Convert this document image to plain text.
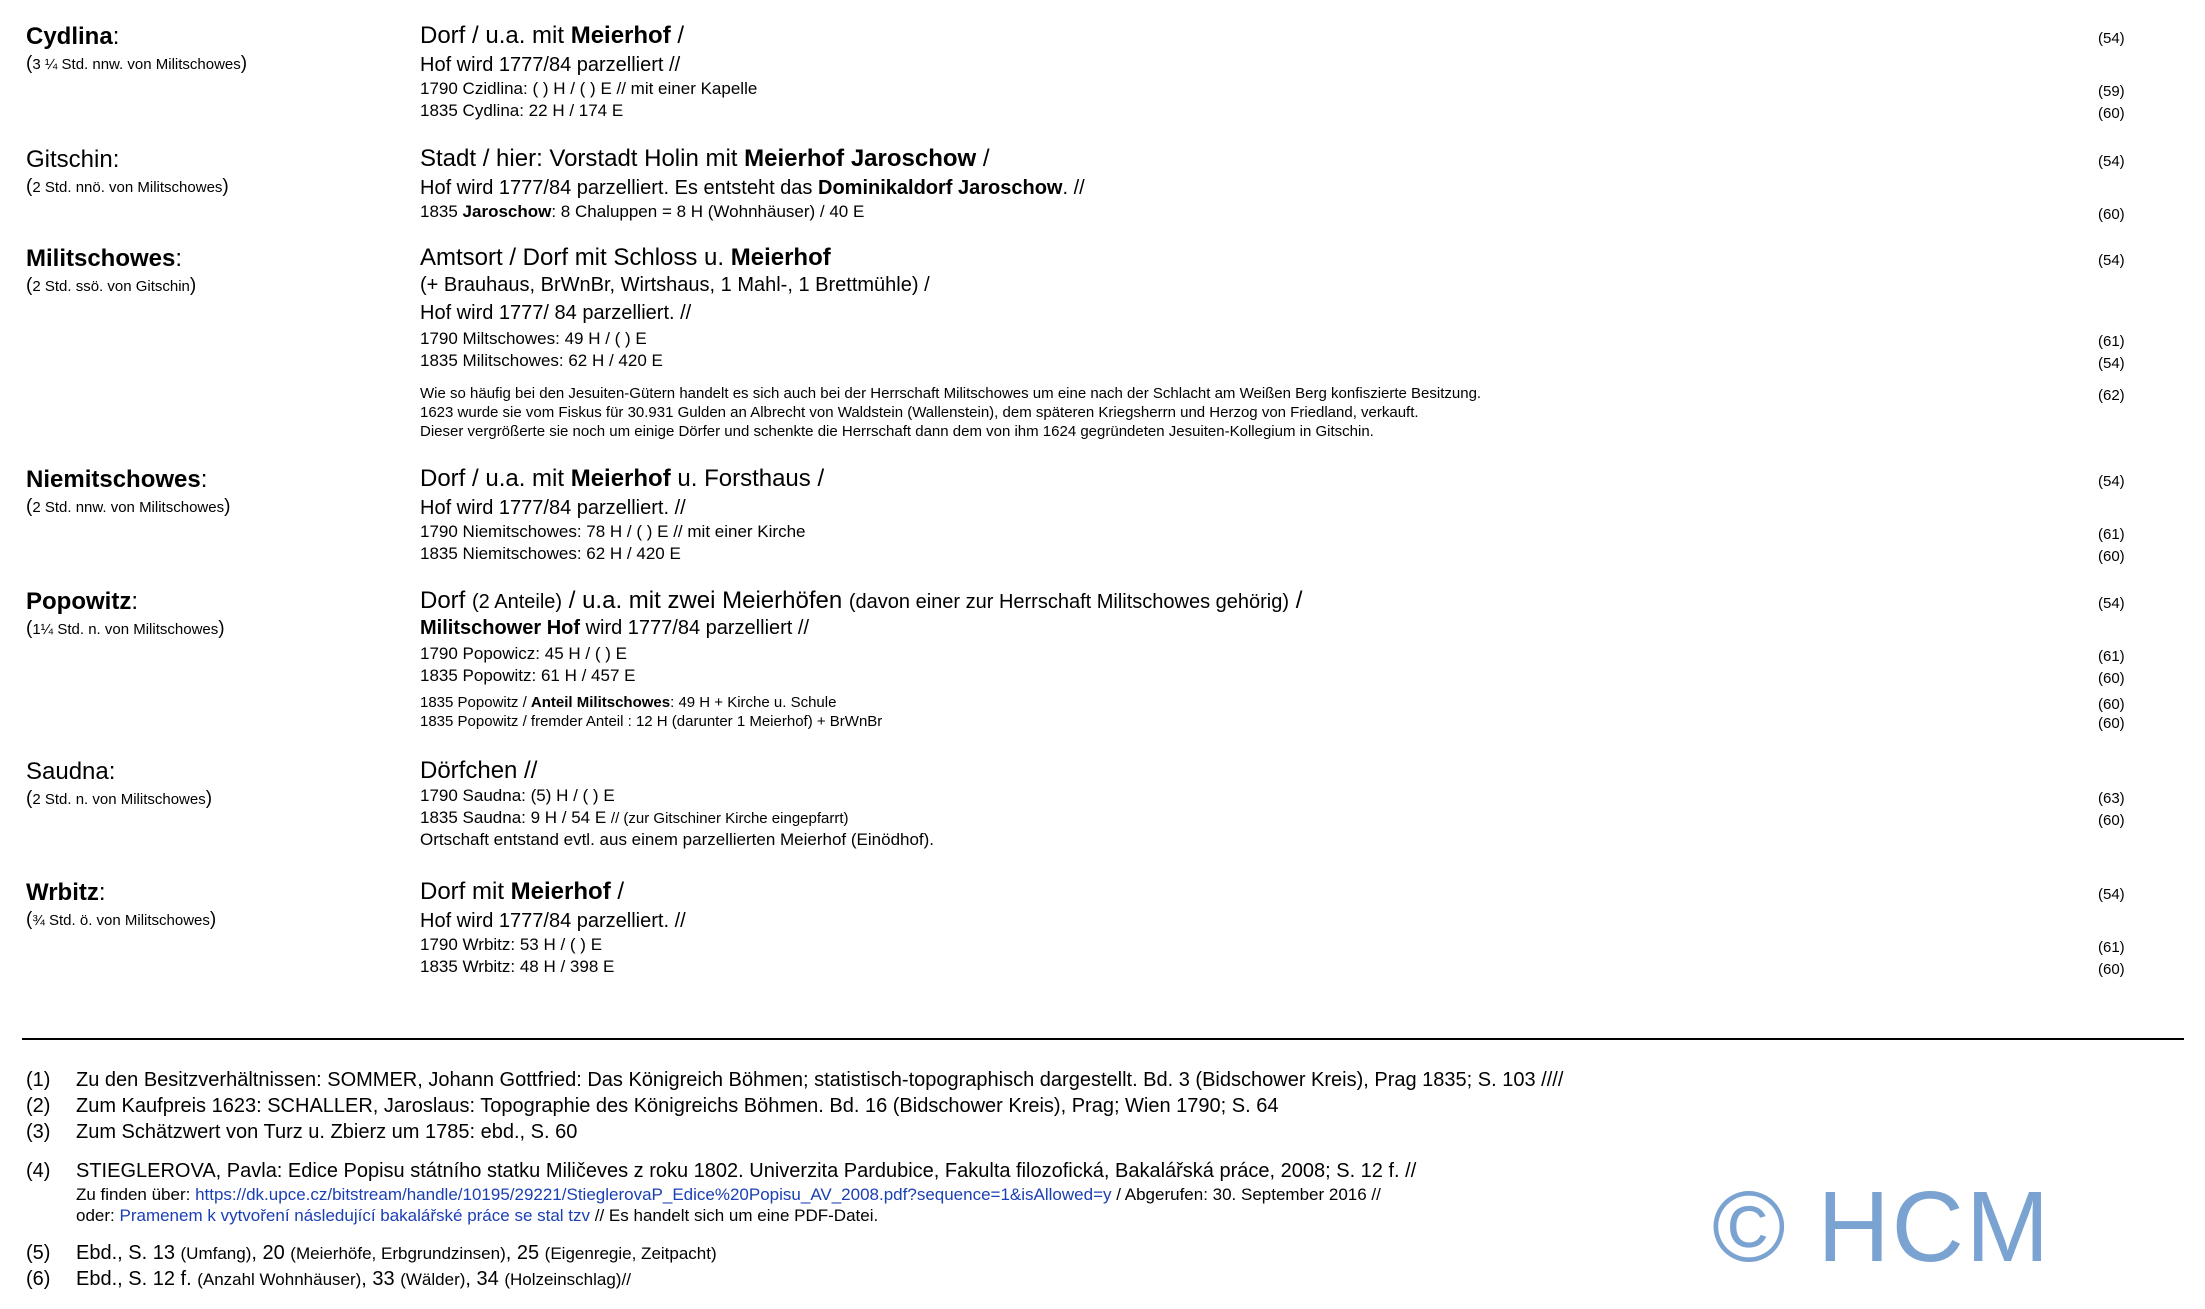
Cydlina:
(3 ¼ Std. nnw. von Militschowes)
Dorf / u.a. mit Meierhof /	(54)
Hof wird 1777/84 parzelliert //
1790 Czidlina: ( ) H / ( ) E // mit einer Kapelle	(59)
1835 Cydlina: 22 H / 174 E	(60)
Gitschin:
(2 Std. nnö. von Militschowes)
Stadt / hier: Vorstadt Holin mit Meierhof Jaroschow /	(54)
Hof wird 1777/84 parzelliert. Es entsteht das Dominikaldorf Jaroschow. //
1835 Jaroschow: 8 Chaluppen = 8 H (Wohnhäuser) / 40 E	(60)
Militschowes:
(2 Std. ssö. von Gitschin)
Amtsort / Dorf mit Schloss u. Meierhof	(54)
(+ Brauhaus, BrWnBr, Wirtshaus, 1 Mahl-, 1 Brettmühle) /
Hof wird 1777/ 84 parzelliert. //
1790 Miltschowes: 49 H / ( ) E	(61)
1835 Militschowes: 62 H / 420 E	(54)
Wie so häufig bei den Jesuiten-Gütern handelt es sich auch bei der Herrschaft Militschowes um eine nach der Schlacht am Weißen Berg konfiszierte Besitzung.	(62)
1623 wurde sie vom Fiskus für 30.931 Gulden an Albrecht von Waldstein (Wallenstein), dem späteren Kriegsherrn und Herzog von Friedland, verkauft.
Dieser vergrößerte sie noch um einige Dörfer und schenkte die Herrschaft dann dem von ihm 1624 gegründeten Jesuiten-Kollegium in Gitschin.
Niemitschowes:
(2 Std. nnw. von Militschowes)
Dorf / u.a. mit Meierhof u. Forsthaus /	(54)
Hof wird 1777/84 parzelliert. //
1790 Niemitschowes: 78 H / ( ) E // mit einer Kirche	(61)
1835 Niemitschowes: 62 H / 420 E	(60)
Popowitz:
(1¼ Std. n. von Militschowes)
Dorf (2 Anteile) / u.a. mit zwei Meierhöfen (davon einer zur Herrschaft Militschowes gehörig) /	(54)
Militschower Hof wird 1777/84 parzelliert //
1790 Popowicz: 45 H / ( ) E	(61)
1835 Popowitz: 61 H / 457 E	(60)
1835 Popowitz / Anteil Militschowes: 49 H + Kirche u. Schule	(60)
1835 Popowitz / fremder Anteil : 12 H (darunter 1 Meierhof) + BrWnBr	(60)
Saudna:
(2 Std. n. von Militschowes)
Dörfchen //
1790 Saudna: (5) H / ( ) E	(63)
1835 Saudna: 9 H / 54 E // (zur Gitschiner Kirche eingepfarrt)	(60)
Ortschaft entstand evtl. aus einem parzellierten Meierhof (Einödhof).
Wrbitz:
(¾ Std. ö. von Militschowes)
Dorf mit Meierhof /	(54)
Hof wird 1777/84 parzelliert. //
1790 Wrbitz: 53 H / ( ) E	(61)
1835 Wrbitz: 48 H / 398 E	(60)
(1) Zu den Besitzverhältnissen: SOMMER, Johann Gottfried: Das Königreich Böhmen; statistisch-topographisch dargestellt. Bd. 3 (Bidschower Kreis), Prag 1835; S. 103 ////
(2) Zum Kaufpreis 1623: SCHALLER, Jaroslaus: Topographie des Königreichs Böhmen. Bd. 16 (Bidschower Kreis), Prag; Wien 1790; S. 64
(3) Zum Schätzwert von Turz u. Zbierz um 1785: ebd., S. 60
(4) STIEGLEROVA, Pavla: Edice Popisu státního statku Miličeves z roku 1802. Univerzita Pardubice, Fakulta filozofická, Bakalářská práce, 2008; S. 12 f. //
Zu finden über: https://dk.upce.cz/bitstream/handle/10195/29221/StieglerovaP_Edice%20Popisu_AV_2008.pdf?sequence=1&isAllowed=y / Abgerufen: 30. September 2016 //
oder: Pramenem k vytvoření následující bakalářské práce se stal tzv // Es handelt sich um eine PDF-Datei.
(5) Ebd., S. 13 (Umfang), 20 (Meierhöfe, Erbgrundzinsen), 25 (Eigenregie, Zeitpacht)
(6) Ebd., S. 12 f. (Anzahl Wohnhäuser), 33 (Wälder), 34 (Holzeinschlag)//	© HCM
